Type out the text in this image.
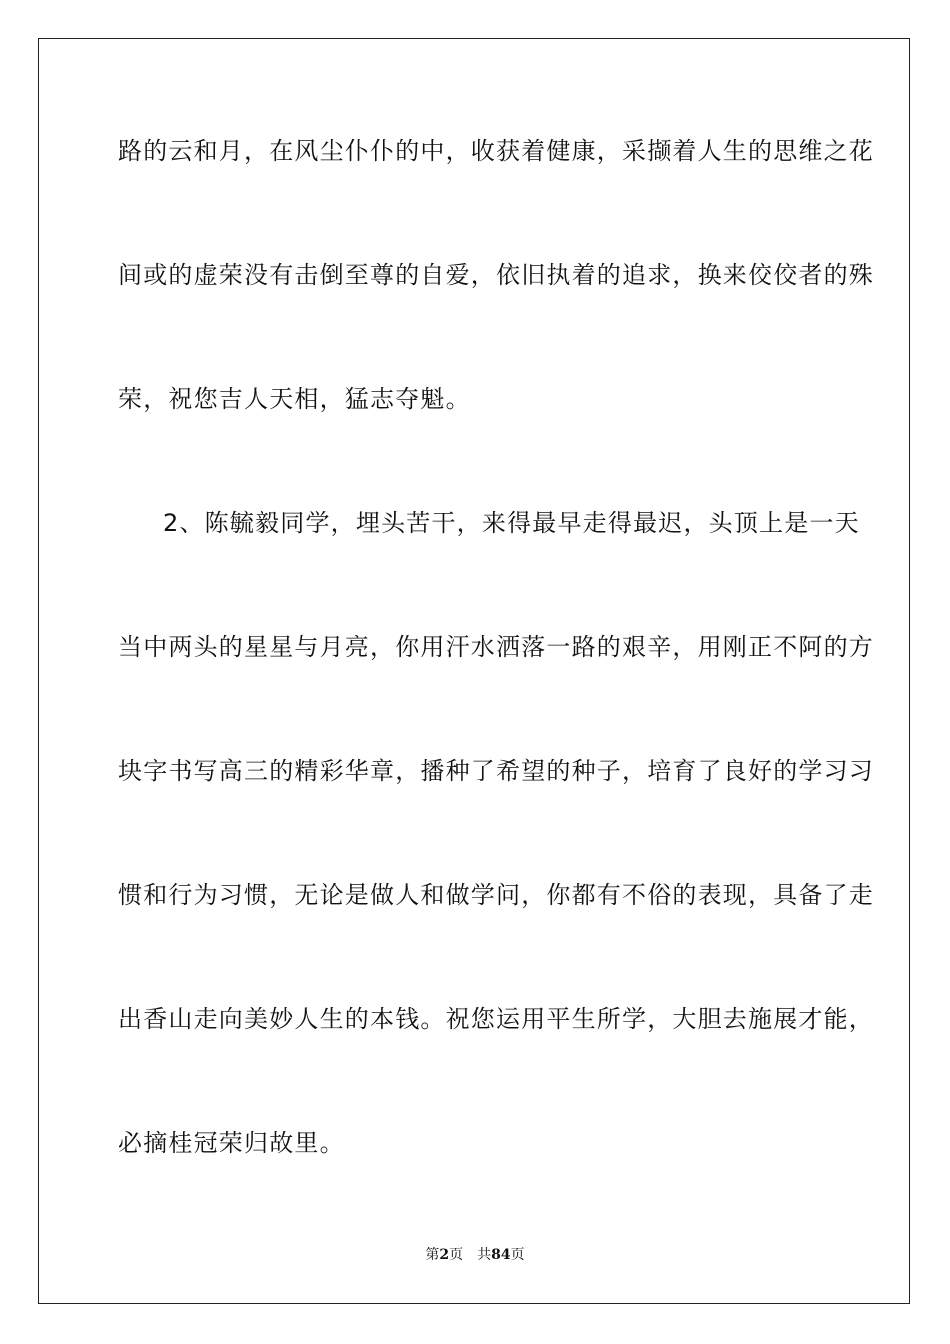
路的云和月，在风尘仆仆的中，收获着健康，采撷着人生的思维之花
间或的虚荣没有击倒至尊的自爱，依旧执着的追求，换来佼佼者的殊
荣，祝您吉人天相，猛志夺魁。
2、陈毓毅同学，埋头苦干，来得最早走得最迟，头顶上是一天
当中两头的星星与月亮，你用汗水洒落一路的艰辛，用刚正不阿的方
块字书写高三的精彩华章，播种了希望的种子，培育了良好的学习习
惯和行为习惯，无论是做人和做学问，你都有不俗的表现，具备了走
出香山走向美妙人生的本钱。祝您运用平生所学，大胆去施展才能，
必摘桂冠荣归故里。
第2页 共84页
